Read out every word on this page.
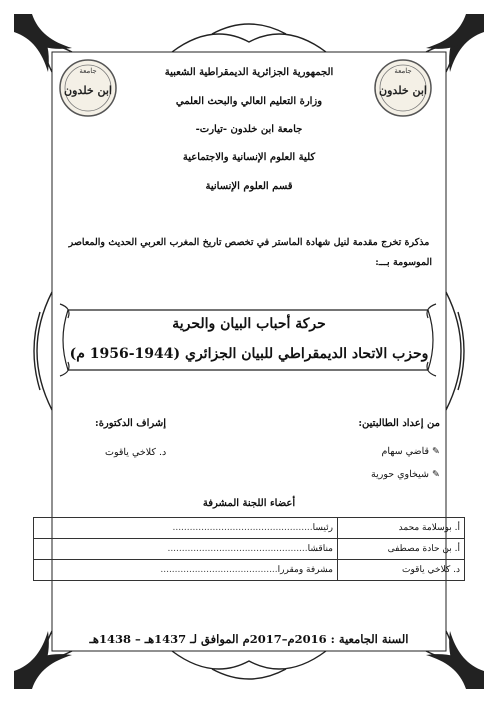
جامعة
ابن خلدون
جامعة
ابن خلدون
الجمهورية الجزائرية الديمقراطية الشعبية
وزارة التعليم العالي والبحث العلمي
جامعة ابن خلدون -تيارت-
كلية العلوم الإنسانية والاجتماعية
قسم العلوم الإنسانية
مذكرة تخرج مقدمة لنيل شهادة الماستر في تخصص تاريخ المغرب العربي الحديث والمعاصر
الموسومة بـــ:
حركة أحباب البيان والحرية
وحزب الاتحاد الديمقراطي للبيان الجزائري (1944-1956 م)
من إعداد الطالبتين:
إشراف الدكتورة:
✎ قاضي سهام
✎ شيخاوي حورية
د. كلاخي ياقوت
أعضاء اللجنة المشرفة
أ. بوسلامة محمد	رئيسا.................................................
أ. بن حادة مصطفى	مناقشا.................................................
د. كلاخي ياقوت	مشرفة ومقررا.........................................
السنة الجامعية : 2016م–2017م الموافق لـ 1437هـ – 1438هـ
